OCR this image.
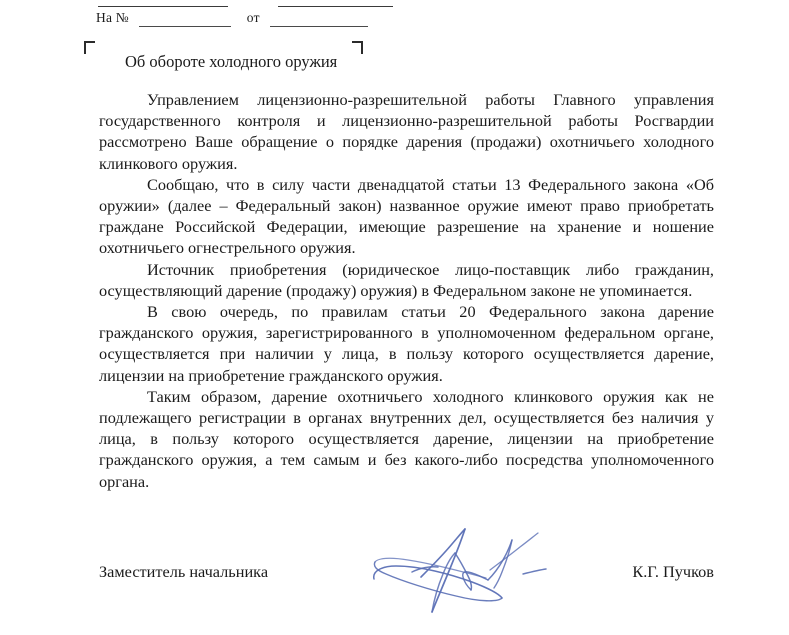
На №	от
Об обороте холодного оружия

Управлением лицензионно-разрешительной работы Главного управления государственного контроля и лицензионно-разрешительной работы Росгвардии рассмотрено Ваше обращение о порядке дарения (продажи) охотничьего холодного клинкового оружия.

Сообщаю, что в силу части двенадцатой статьи 13 Федерального закона «Об оружии» (далее – Федеральный закон) названное оружие имеют право приобретать граждане Российской Федерации, имеющие разрешение на хранение и ношение охотничьего огнестрельного оружия.

Источник приобретения (юридическое лицо-поставщик либо гражданин, осуществляющий дарение (продажу) оружия) в Федеральном законе не упоминается.

В свою очередь, по правилам статьи 20 Федерального закона дарение гражданского оружия, зарегистрированного в уполномоченном федеральном органе, осуществляется при наличии у лица, в пользу которого осуществляется дарение, лицензии на приобретение гражданского оружия.

Таким образом, дарение охотничьего холодного клинкового оружия как не подлежащего регистрации в органах внутренних дел, осуществляется без наличия у лица, в пользу которого осуществляется дарение, лицензии на приобретение гражданского оружия, а тем самым и без какого-либо посредства уполномоченного органа.

Заместитель начальника	К.Г. Пучков
